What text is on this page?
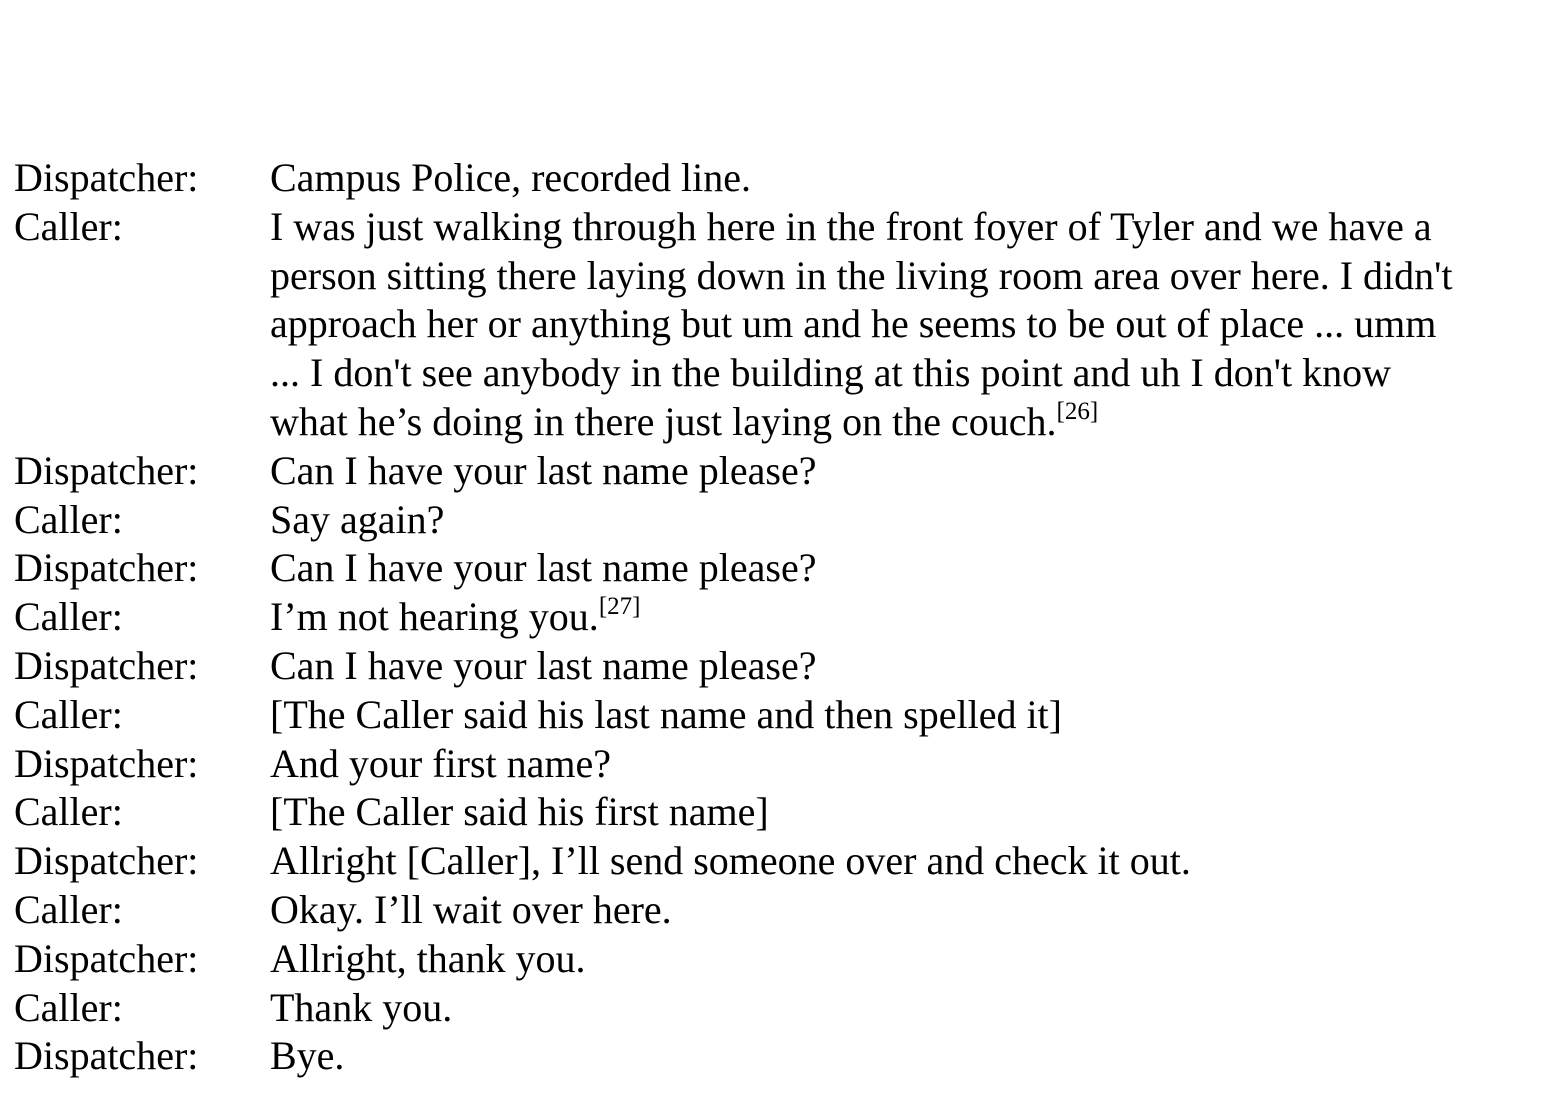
Dispatcher:	Campus Police, recorded line.
Caller:	I was just walking through here in the front foyer of Tyler and we have a
person sitting there laying down in the living room area over here. I didn't
approach her or anything but um and he seems to be out of place ... umm
... I don't see anybody in the building at this point and uh I don't know
what he’s doing in there just laying on the couch.[26]
Dispatcher:	Can I have your last name please?
Caller:	Say again?
Dispatcher:	Can I have your last name please?
Caller:	I’m not hearing you.[27]
Dispatcher:	Can I have your last name please?
Caller:	[The Caller said his last name and then spelled it]
Dispatcher:	And your first name?
Caller:	[The Caller said his first name]
Dispatcher:	Allright [Caller], I’ll send someone over and check it out.
Caller:	Okay. I’ll wait over here.
Dispatcher:	Allright, thank you.
Caller:	Thank you.
Dispatcher:	Bye.
